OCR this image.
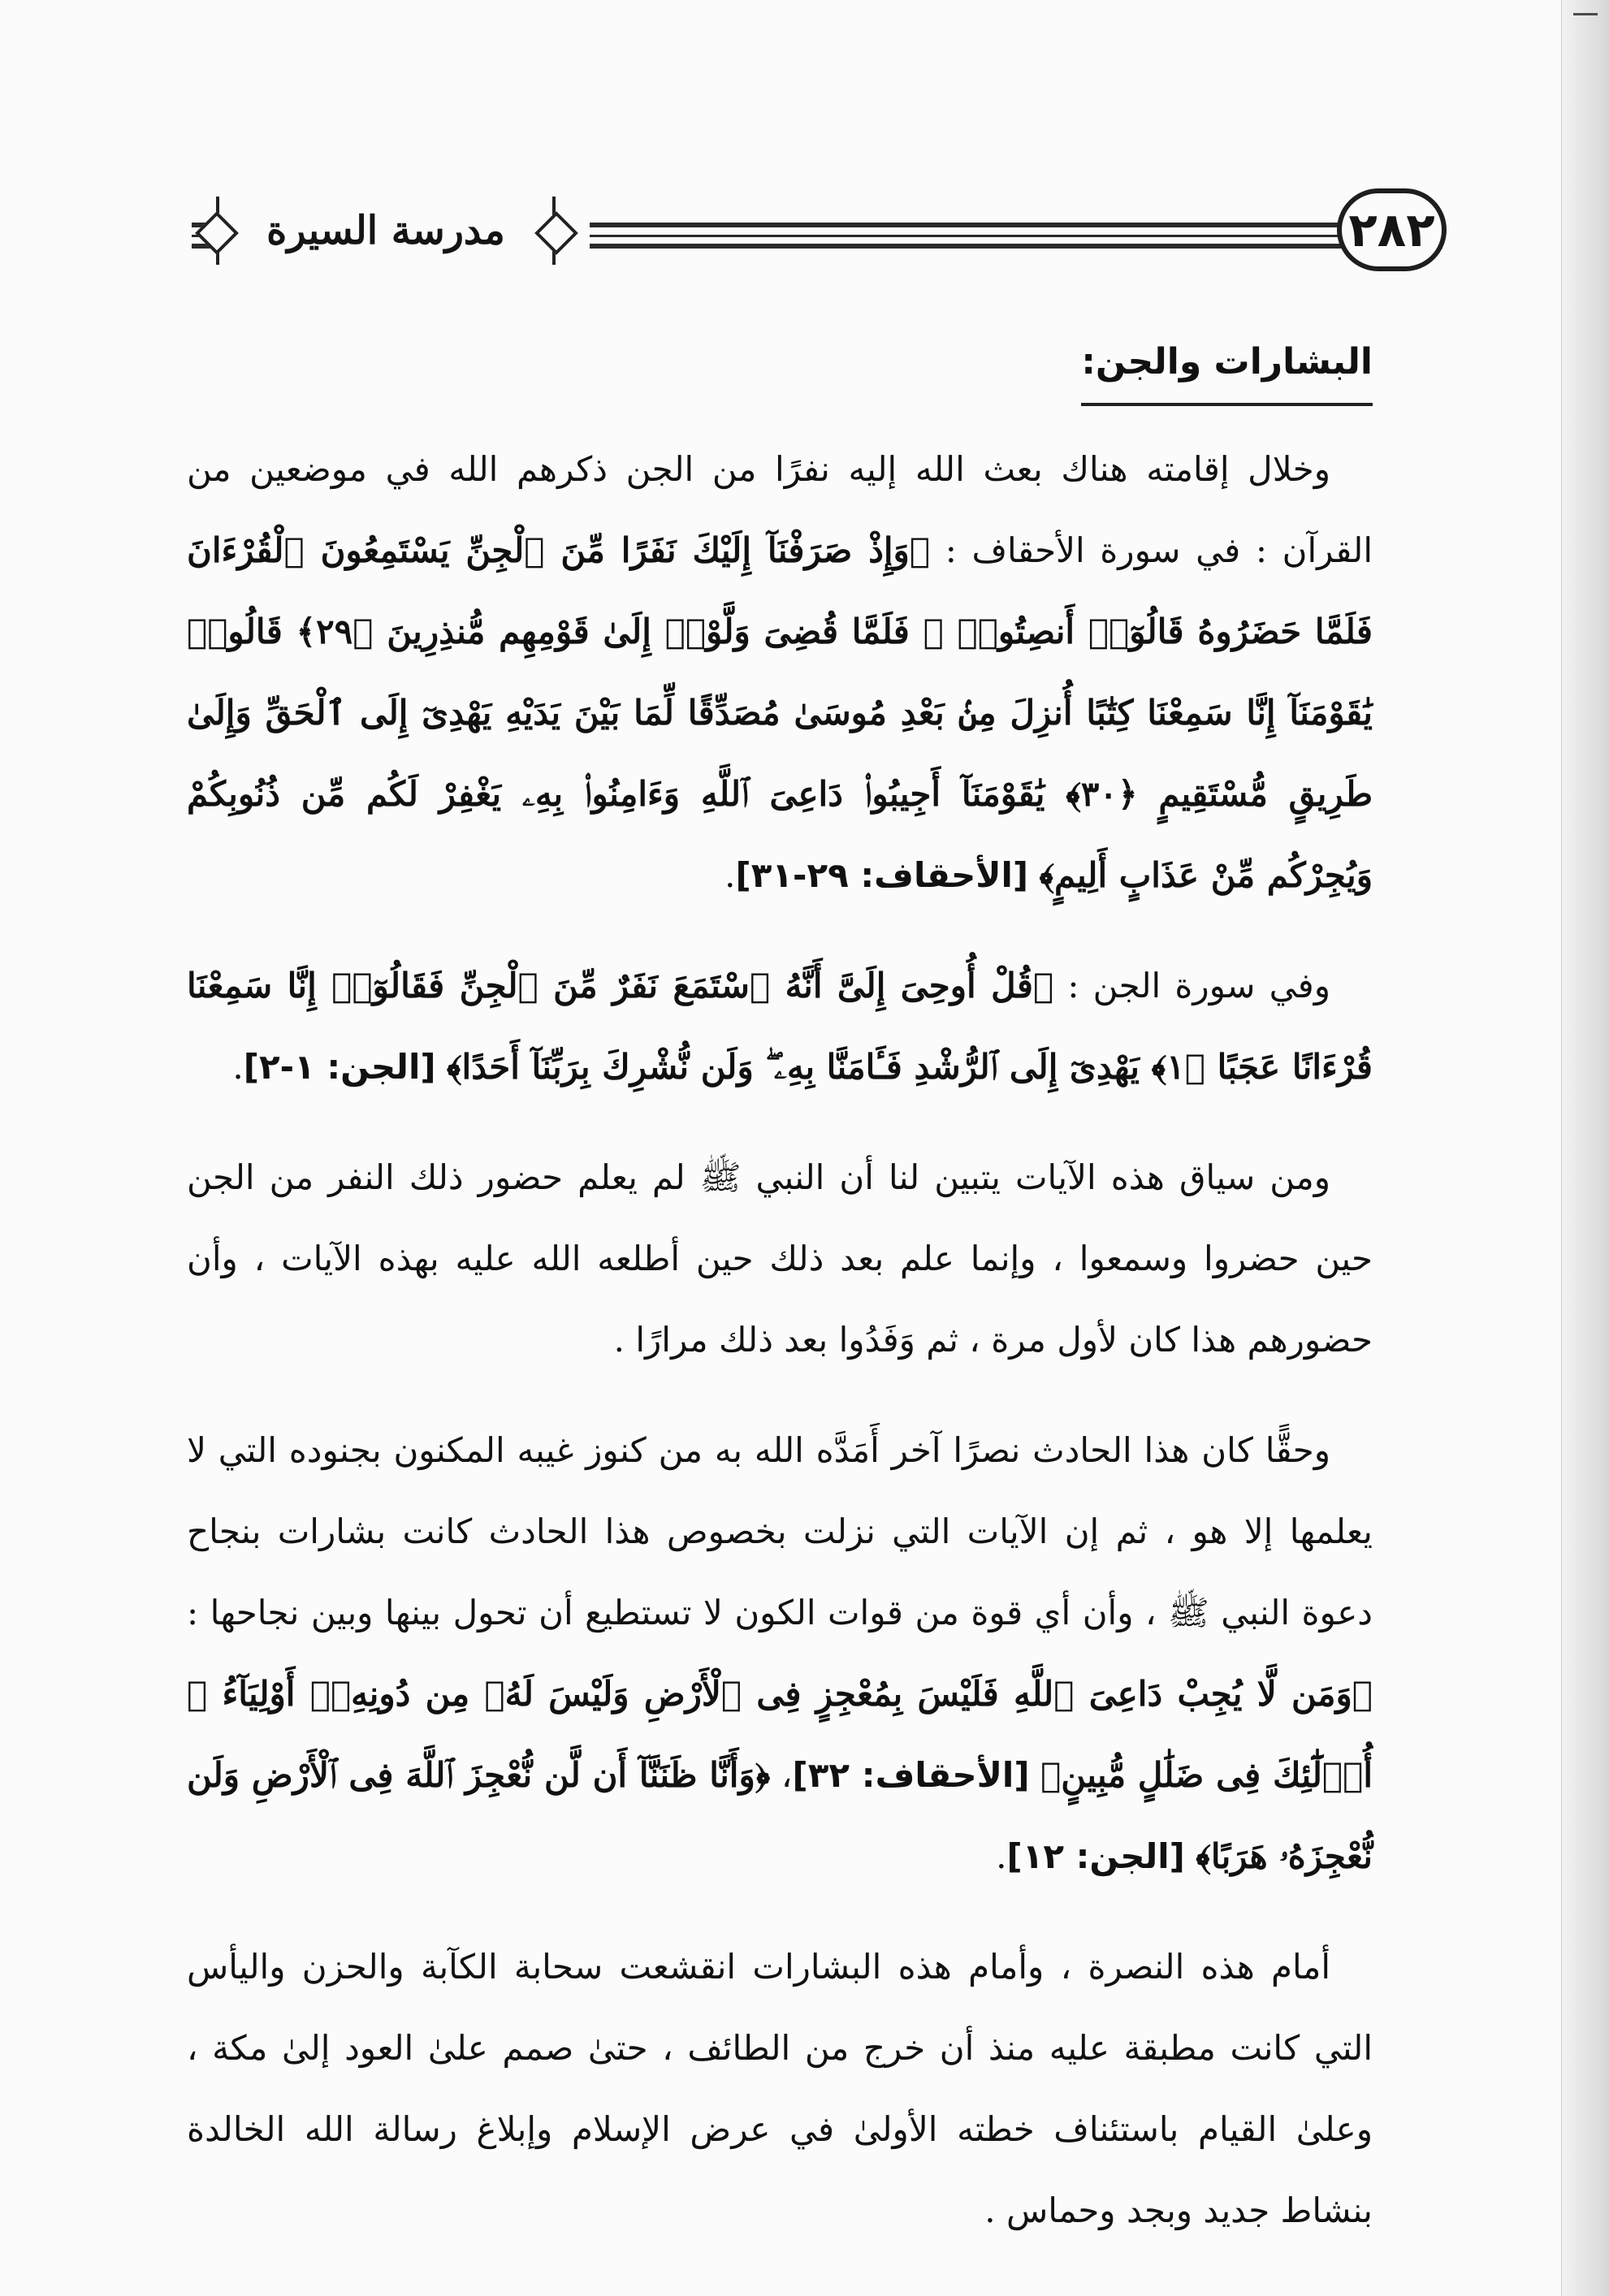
مدرسة السيرة	٢٨٢
البشارات والجن:

وخلال إقامته هناك بعث الله إليه نفرًا من الجن ذكرهم الله في موضعين من القرآن : في سورة الأحقاف : ﴿وَإِذْ صَرَفْنَآ إِلَيْكَ نَفَرًا مِّنَ ٱلْجِنِّ يَسْتَمِعُونَ ٱلْقُرْءَانَ فَلَمَّا حَضَرُوهُ قَالُوٓا۟ أَنصِتُوا۟ ۖ فَلَمَّا قُضِىَ وَلَّوْا۟ إِلَىٰ قَوْمِهِم مُّنذِرِينَ ﴿٢٩﴾ قَالُوا۟ يَٰقَوْمَنَآ إِنَّا سَمِعْنَا كِتَٰبًا أُنزِلَ مِنۢ بَعْدِ مُوسَىٰ مُصَدِّقًا لِّمَا بَيْنَ يَدَيْهِ يَهْدِىٓ إِلَى ٱلْحَقِّ وَإِلَىٰ طَرِيقٍ مُّسْتَقِيمٍ ﴿٣٠﴾ يَٰقَوْمَنَآ أَجِيبُوا۟ دَاعِىَ ٱللَّهِ وَءَامِنُوا۟ بِهِۦ يَغْفِرْ لَكُم مِّن ذُنُوبِكُمْ وَيُجِرْكُم مِّنْ عَذَابٍ أَلِيمٍ﴾ [الأحقاف: ٢٩-٣١].

وفي سورة الجن : ﴿قُلْ أُوحِىَ إِلَىَّ أَنَّهُ ٱسْتَمَعَ نَفَرٌ مِّنَ ٱلْجِنِّ فَقَالُوٓا۟ إِنَّا سَمِعْنَا قُرْءَانًا عَجَبًا ﴿١﴾ يَهْدِىٓ إِلَى ٱلرُّشْدِ فَـَٔامَنَّا بِهِۦ ۖ وَلَن نُّشْرِكَ بِرَبِّنَآ أَحَدًا﴾ [الجن: ١-٢].

ومن سياق هذه الآيات يتبين لنا أن النبي ﷺ لم يعلم حضور ذلك النفر من الجن حين حضروا وسمعوا ، وإنما علم بعد ذلك حين أطلعه الله عليه بهذه الآيات ، وأن حضورهم هذا كان لأول مرة ، ثم وَفَدُوا بعد ذلك مرارًا .

وحقًّا كان هذا الحادث نصرًا آخر أَمَدَّه الله به من كنوز غيبه المكنون بجنوده التي لا يعلمها إلا هو ، ثم إن الآيات التي نزلت بخصوص هذا الحادث كانت بشارات بنجاح دعوة النبي ﷺ ، وأن أي قوة من قوات الكون لا تستطيع أن تحول بينها وبين نجاحها : ﴿وَمَن لَّا يُجِبْ دَاعِىَ ٱللَّهِ فَلَيْسَ بِمُعْجِزٍ فِى ٱلْأَرْضِ وَلَيْسَ لَهُۥ مِن دُونِهِۦٓ أَوْلِيَآءُ ۚ أُو۟لَٰٓئِكَ فِى ضَلَٰلٍ مُّبِينٍ﴾ [الأحقاف: ٣٢]، ﴿وَأَنَّا ظَنَنَّآ أَن لَّن نُّعْجِزَ ٱللَّهَ فِى ٱلْأَرْضِ وَلَن نُّعْجِزَهُۥ هَرَبًا﴾ [الجن: ١٢].

أمام هذه النصرة ، وأمام هذه البشارات انقشعت سحابة الكآبة والحزن واليأس التي كانت مطبقة عليه منذ أن خرج من الطائف ، حتىٰ صمم علىٰ العود إلىٰ مكة ، وعلىٰ القيام باستئناف خطته الأولىٰ في عرض الإسلام وإبلاغ رسالة الله الخالدة بنشاط جديد وبجد وحماس .
